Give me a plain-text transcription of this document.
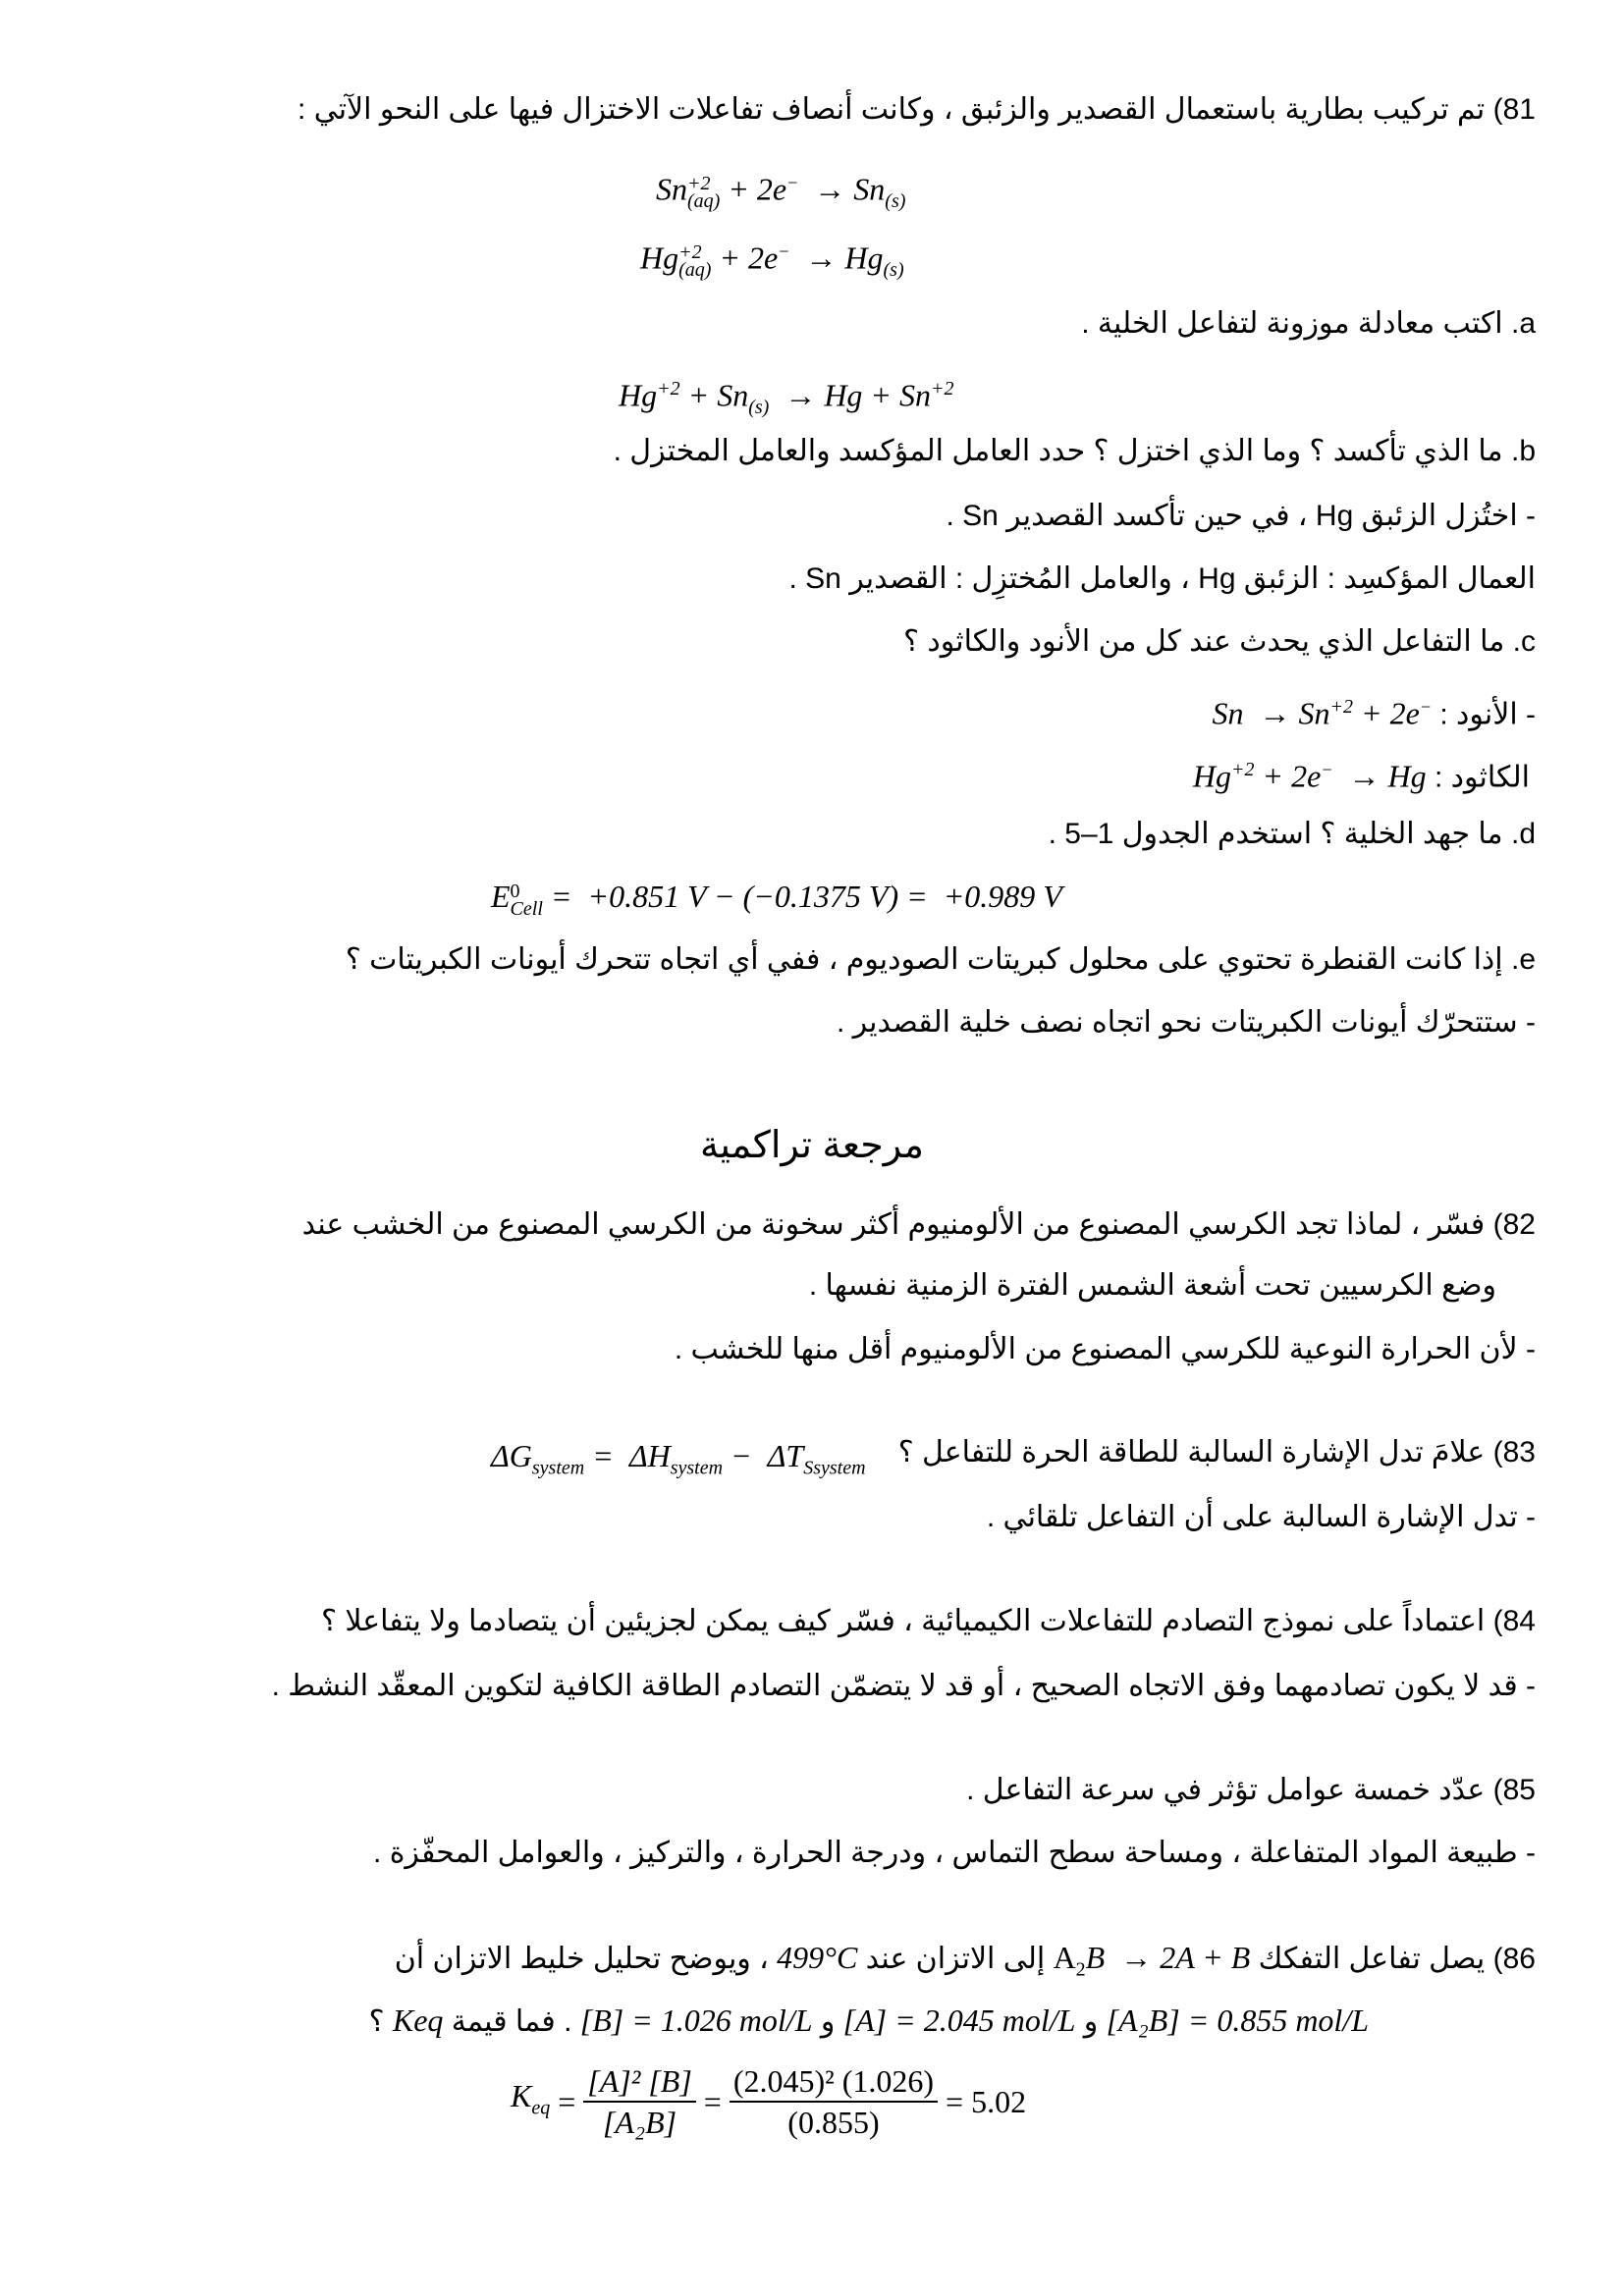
81) تم تركيب بطارية باستعمال القصدير والزئبق ، وكانت أنصاف تفاعلات الاختزال فيها على النحو الآتي :
Sn +2
$(aq) + 2e^- \to Sn_{(s)}$
Hg +2
$(aq) + 2e^- \to Hg_{(s)}$
a. اكتب معادلة موزونة لتفاعل الخلية .
$Hg^{+2} + Sn_{(s)} \to Hg + Sn^{+2}$
b. ما الذي تأكسد ؟ وما الذي اختزل ؟ حدد العامل المؤكسد والعامل المختزل .
- اختُزل الزئبق Hg ، في حين تأكسد القصدير Sn .
العمال المؤكسِد : الزئبق Hg ، والعامل المُختزِل : القصدير Sn .
c. ما التفاعل الذي يحدث عند كل من الأنود والكاثود ؟
- الأنود : $Sn \to Sn^{+2} + 2e^-$
الكاثود : $Hg^{+2} + 2e^- \to Hg$
d. ما جهد الخلية ؟ استخدم الجدول 1–5 .
E 0
Cell =  +0.851 V − (−0.1375 V) =  +0.989 V
e. إذا كانت القنطرة تحتوي على محلول كبريتات الصوديوم ، ففي أي اتجاه تتحرك أيونات الكبريتات ؟
- ستتحرّك أيونات الكبريتات نحو اتجاه نصف خلية القصدير .
مرجعة تراكمية
82) فسّر ، لماذا تجد الكرسي المصنوع من الألومنيوم أكثر سخونة من الكرسي المصنوع من الخشب عند
وضع الكرسيين تحت أشعة الشمس الفترة الزمنية نفسها .
- لأن الحرارة النوعية للكرسي المصنوع من الألومنيوم أقل منها للخشب .
83) علامَ تدل الإشارة السالبة للطاقة الحرة للتفاعل ؟
$\Delta G_{system} = \Delta H_{system} - \Delta T_{Ssystem}$
- تدل الإشارة السالبة على أن التفاعل تلقائي .
84) اعتماداً على نموذج التصادم للتفاعلات الكيميائية ، فسّر كيف يمكن لجزيئين أن يتصادما ولا يتفاعلا ؟
- قد لا يكون تصادمهما وفق الاتجاه الصحيح ، أو قد لا يتضمّن التصادم الطاقة الكافية لتكوين المعقّد النشط .
85) عدّد خمسة عوامل تؤثر في سرعة التفاعل .
- طبيعة المواد المتفاعلة ، ومساحة سطح التماس ، ودرجة الحرارة ، والتركيز ، والعوامل المحفّزة .
86) يصل تفاعل التفكك $A_2B \to 2A + B$ إلى الاتزان عند 499°C ، ويوضح تحليل خليط الاتزان أن
[A₂B] = 0.855 mol/L و [A] = 2.045 mol/L و [B] = 1.026 mol/L . فما قيمة Keq ؟
$K_{eq} = \frac{\text{[A]² [B]}}{\text{[A₂B]}} = \frac{\text{(2.045)² (1.026)}}{(0.855)} = 5.02$
